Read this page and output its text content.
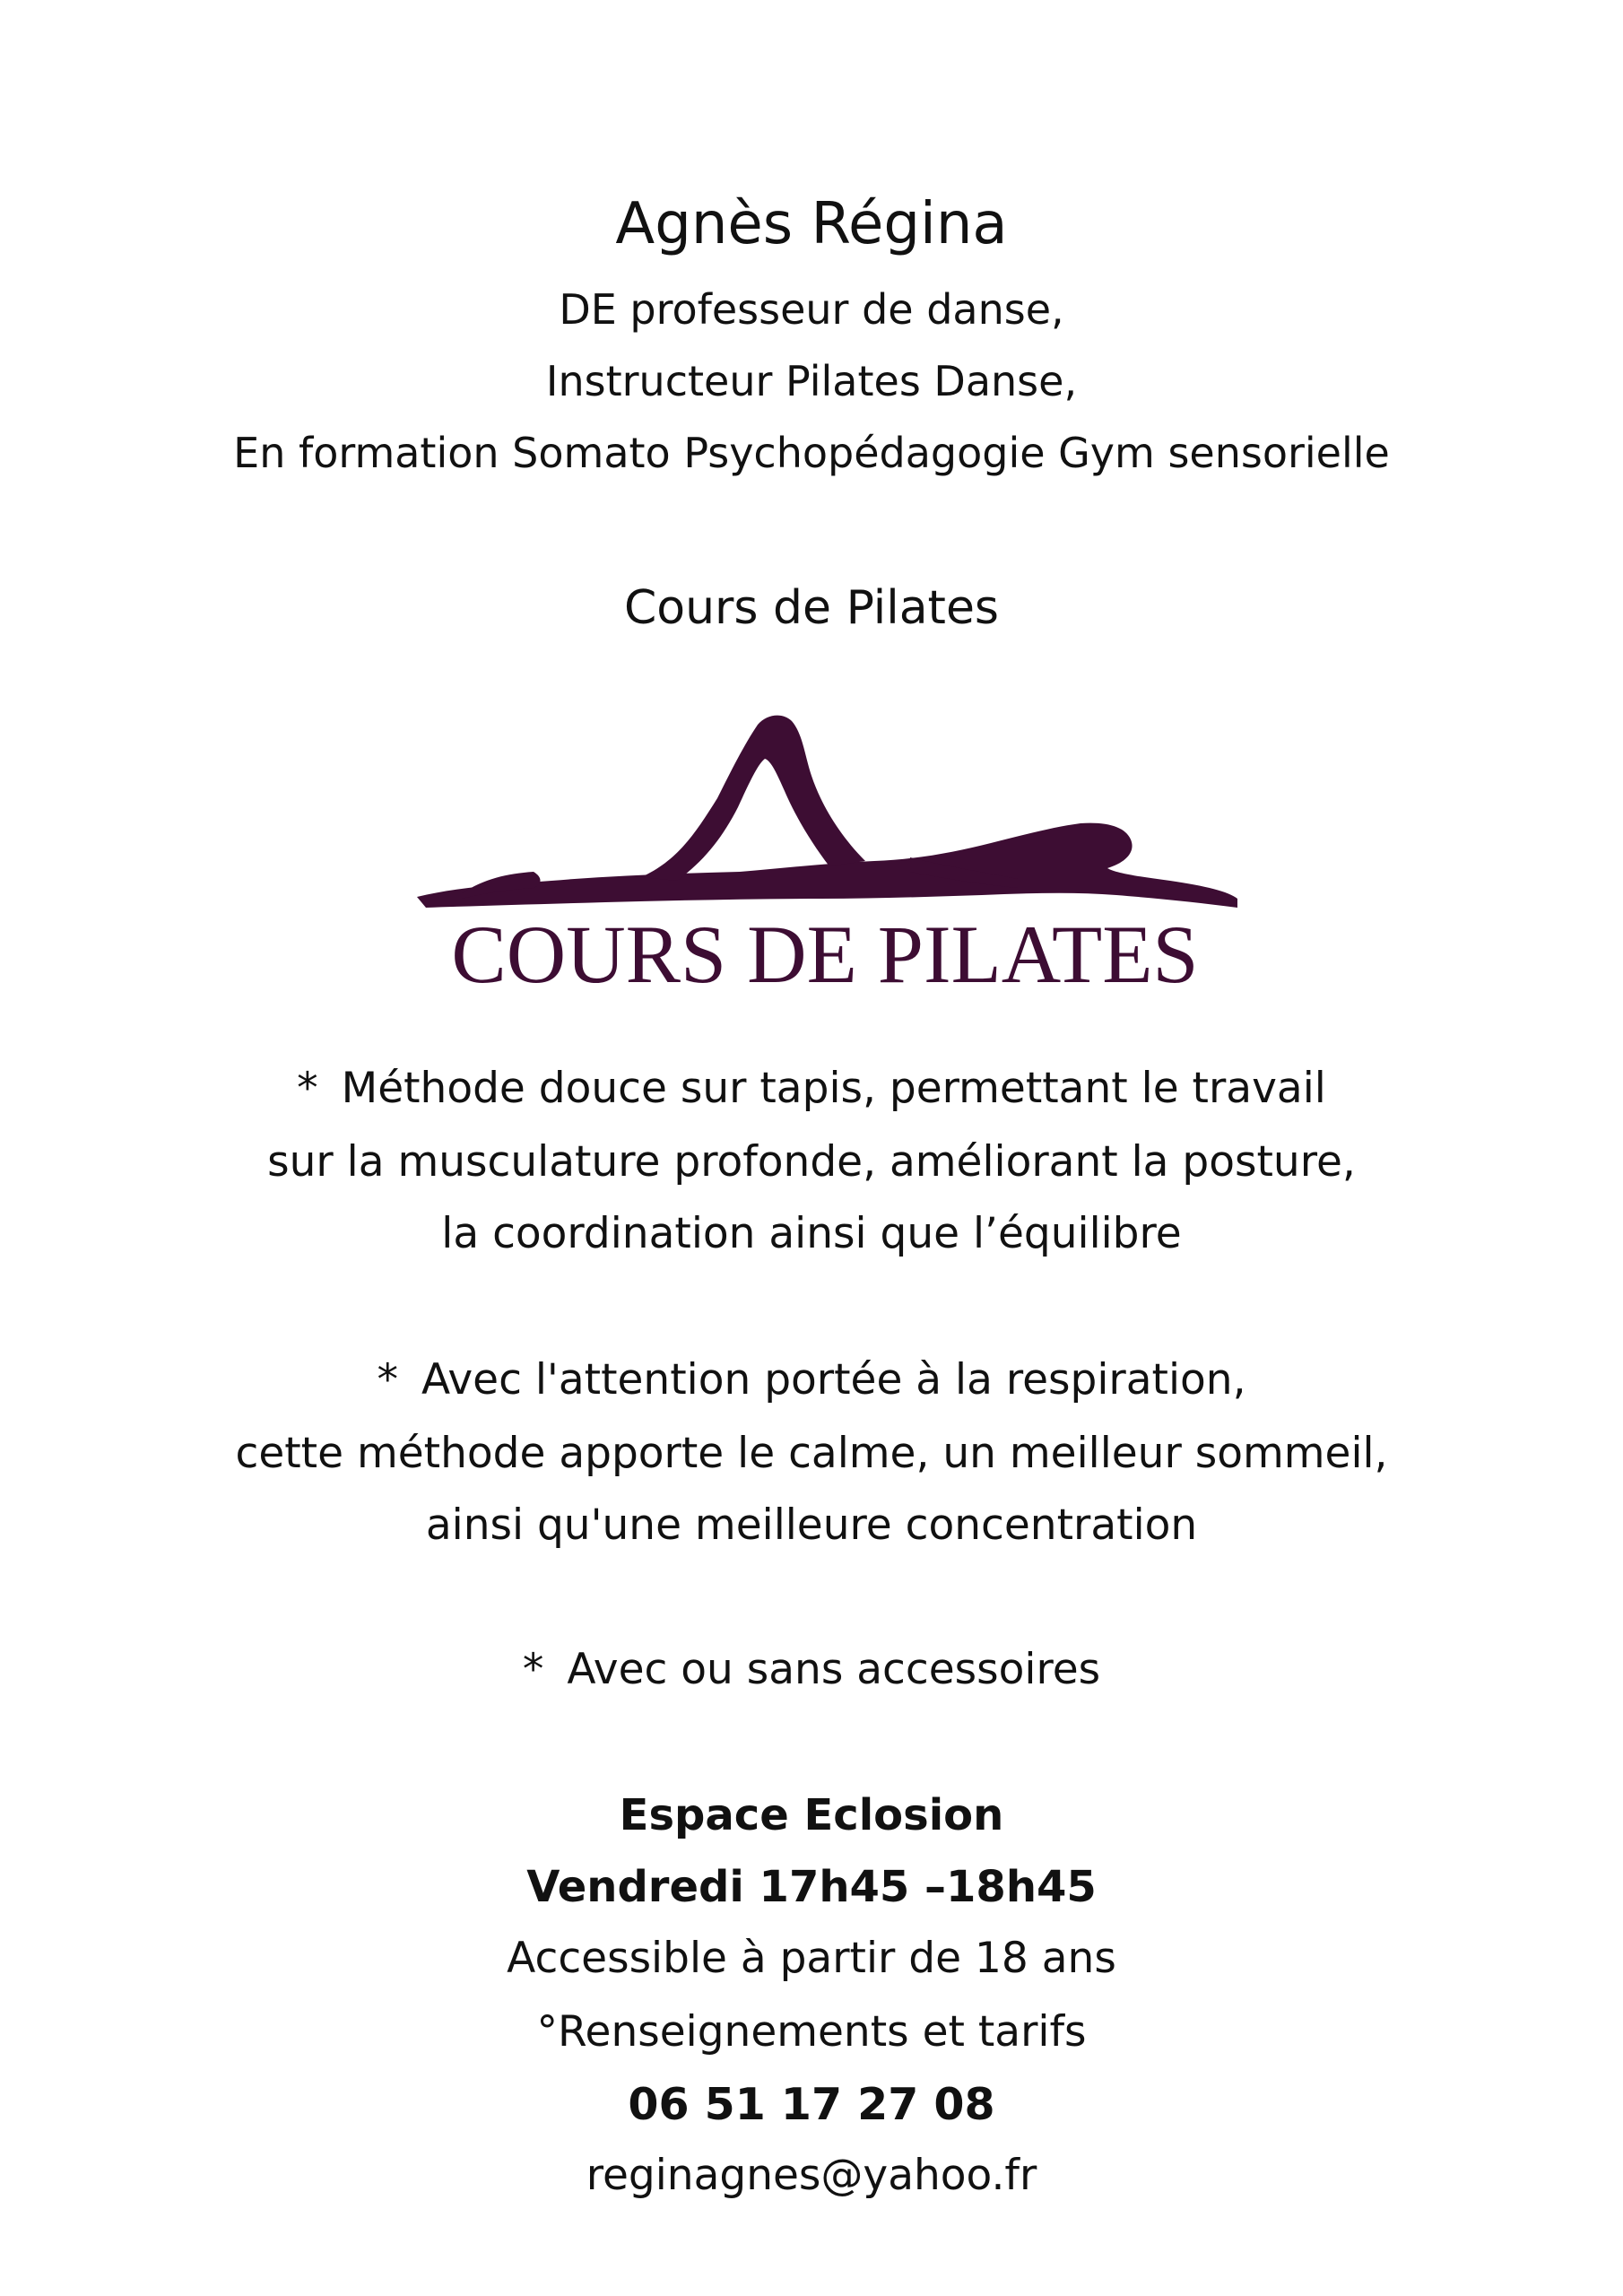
Agnès Régina
DE professeur de danse,
Instructeur Pilates Danse,
En formation Somato Psychopédagogie Gym sensorielle
Cours de Pilates
COURS DE PILATES
* Méthode douce sur tapis, permettant le travail
sur la musculature profonde, améliorant la posture,
la coordination ainsi que l’équilibre
* Avec l'attention portée à la respiration,
cette méthode apporte le calme, un meilleur sommeil,
ainsi qu'une meilleure concentration
* Avec ou sans accessoires
Espace Eclosion
Vendredi 17h45 –18h45
Accessible à partir de 18 ans
°Renseignements et tarifs
06 51 17 27 08
reginagnes@yahoo.fr
